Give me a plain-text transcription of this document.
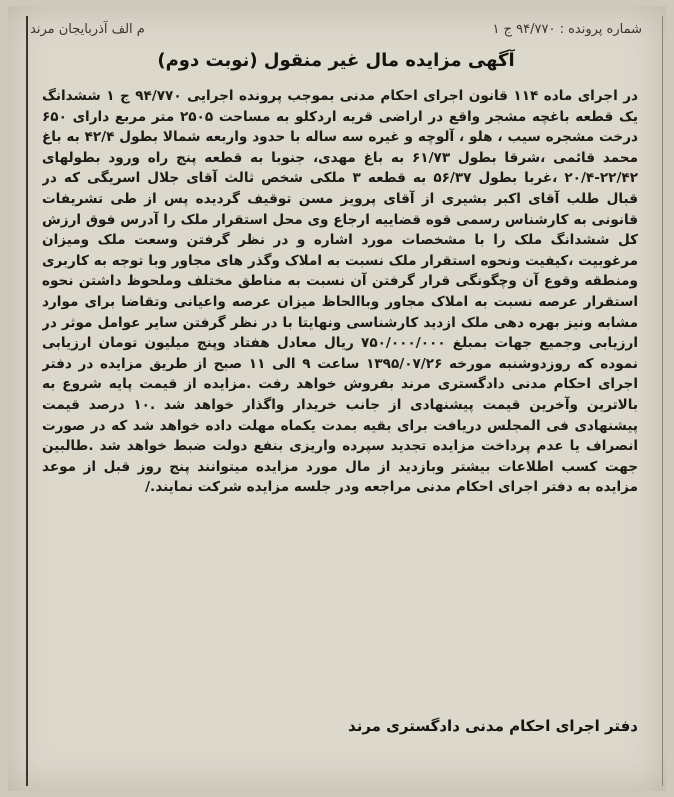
شماره پرونده : ۹۴/۷۷۰ ج ۱
م الف آذربایجان مرند
آگهی مزایده مال غیر منقول (نوبت دوم)
در اجرای ماده ۱۱۴ قانون اجرای احکام مدنی بموجب پرونده اجرایی ۹۴/۷۷۰ ج ۱ ششدانگ یک قطعه باغچه مشجر واقع در اراضی قریه اردکلو به مساحت ۲۵۰۵ متر مربع دارای ۶۵۰ درخت مشجره سیب ، هلو ، آلوچه و غیره سه ساله با حدود واربعه شمالا بطول ۴۲/۴ به باغ محمد قائمی ،شرقا بطول ۶۱/۷۳ به باغ مهدی، جنوبا به قطعه پنج راه ورود بطولهای ۲۲/۴۲-۲۰/۴ ،غربا بطول ۵۶/۳۷ به قطعه ۳ ملکی شخص ثالث آقای جلال اسریگی که در قبال طلب آقای اکبر بشیری از آقای پرویز مسن توقیف گردیده پس از طی تشریفات قانونی به کارشناس رسمی قوه قضاییه ارجاع وی محل استقرار ملک را آدرس فوق ارزش کل ششدانگ ملک را با مشخصات مورد اشاره و در نظر گرفتن وسعت ملک ومیزان مرغوبیت ،کیفیت ونحوه استقرار ملک نسبت به املاک وگذر های مجاور وبا توجه به کاربری ومنطقه وقوع آن وچگونگی قرار گرفتن آن نسبت به مناطق مختلف وملحوظ داشتن نحوه استقرار عرصه نسبت به املاک مجاور وباالحاظ میزان عرصه واعیانی وتقاضا برای موارد مشابه ونیز بهره دهی ملک ازدید کارشناسی ونهایتا با در نظر گرفتن سایر عوامل موثر در ارزیابی وجمیع جهات بمبلغ ۷۵۰/۰۰۰/۰۰۰ ریال معادل هفتاد وپنج میلیون تومان ارزیابی نموده که روزدوشنبه مورخه ۱۳۹۵/۰۷/۲۶ ساعت ۹ الی ۱۱ صبح از طریق مزایده در دفتر اجرای احکام مدنی دادگستری مرند بفروش خواهد رفت .مزایده از قیمت پایه شروع به بالاترین وآخرین قیمت پیشنهادی از جانب خریدار واگذار خواهد شد .۱۰ درصد قیمت پیشنهادی فی المجلس دریافت برای بقیه بمدت یکماه مهلت داده خواهد شد که در صورت انصراف یا عدم پرداخت مزایده تجدید سپرده واریزی بنفع دولت ضبط خواهد شد .طالبین جهت کسب اطلاعات بیشتر وبازدید از مال مورد مزایده میتوانند پنج روز قبل از موعد مزایده به دفتر اجرای احکام مدنی مراجعه ودر جلسه مزایده شرکت نمایند./
دفتر اجرای احکام مدنی دادگستری مرند
